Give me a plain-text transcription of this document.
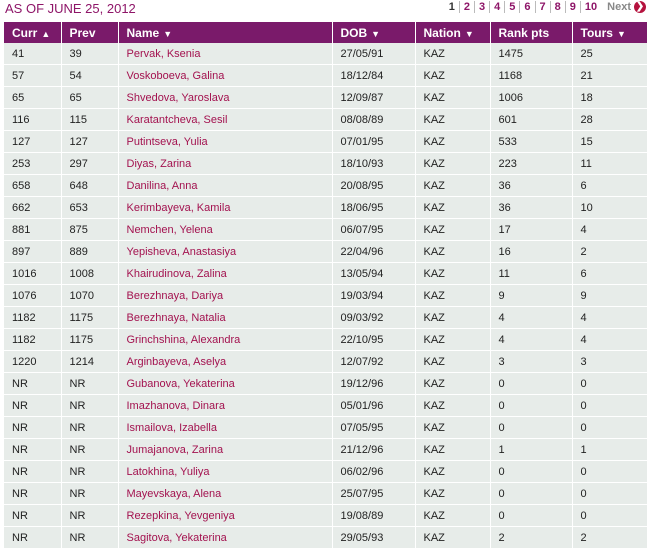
AS OF JUNE 25, 2012	1 2 3 4 5 6 7 8 9 10 Next ❯
Curr ▲	Prev	Name ▼	DOB ▼	Nation ▼	Rank pts	Tours ▼
41	39	Pervak, Ksenia	27/05/91	KAZ	1475	25
57	54	Voskoboeva, Galina	18/12/84	KAZ	1168	21
65	65	Shvedova, Yaroslava	12/09/87	KAZ	1006	18
116	115	Karatantcheva, Sesil	08/08/89	KAZ	601	28
127	127	Putintseva, Yulia	07/01/95	KAZ	533	15
253	297	Diyas, Zarina	18/10/93	KAZ	223	11
658	648	Danilina, Anna	20/08/95	KAZ	36	6
662	653	Kerimbayeva, Kamila	18/06/95	KAZ	36	10
881	875	Nemchen, Yelena	06/07/95	KAZ	17	4
897	889	Yepisheva, Anastasiya	22/04/96	KAZ	16	2
1016	1008	Khairudinova, Zalina	13/05/94	KAZ	11	6
1076	1070	Berezhnaya, Dariya	19/03/94	KAZ	9	9
1182	1175	Berezhnaya, Natalia	09/03/92	KAZ	4	4
1182	1175	Grinchshina, Alexandra	22/10/95	KAZ	4	4
1220	1214	Arginbayeva, Aselya	12/07/92	KAZ	3	3
NR	NR	Gubanova, Yekaterina	19/12/96	KAZ	0	0
NR	NR	Imazhanova, Dinara	05/01/96	KAZ	0	0
NR	NR	Ismailova, Izabella	07/05/95	KAZ	0	0
NR	NR	Jumajanova, Zarina	21/12/96	KAZ	1	1
NR	NR	Latokhina, Yuliya	06/02/96	KAZ	0	0
NR	NR	Mayevskaya, Alena	25/07/95	KAZ	0	0
NR	NR	Rezepkina, Yevgeniya	19/08/89	KAZ	0	0
NR	NR	Sagitova, Yekaterina	29/05/93	KAZ	2	2
